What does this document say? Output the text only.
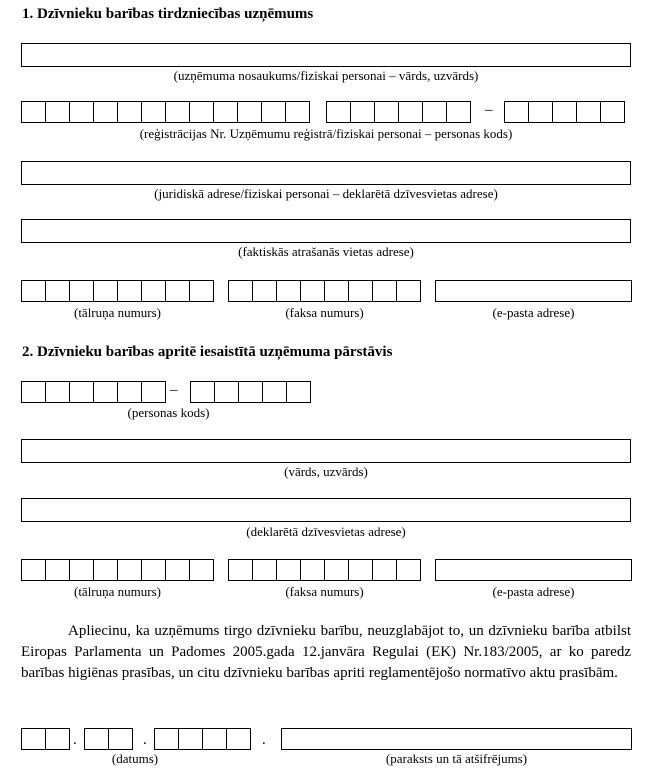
1. Dzīvnieku barības tirdzniecības uzņēmums
(uzņēmuma nosaukums/fiziskai personai – vārds, uzvārds)
–
(reģistrācijas Nr. Uzņēmumu reģistrā/fiziskai personai – personas kods)
(juridiskā adrese/fiziskai personai – deklarētā dzīvesvietas adrese)
(faktiskās atrašanās vietas adrese)
(tālruņa numurs)	(faksa numurs)	(e-pasta adrese)
2. Dzīvnieku barības apritē iesaistītā uzņēmuma pārstāvis
–
(personas kods)
(vārds, uzvārds)
(deklarētā dzīvesvietas adrese)
(tālruņa numurs)	(faksa numurs)	(e-pasta adrese)
Apliecinu, ka uzņēmums tirgo dzīvnieku barību, neuzglabājot to, un dzīvnieku barība atbilst Eiropas Parlamenta un Padomes 2005.gada 12.janvāra Regulai (EK) Nr.183/2005, ar ko paredz barības higiēnas prasības, un citu dzīvnieku barības apriti reglamentējošo normatīvo aktu prasībām.
.	.	.
(datums)	(paraksts un tā atšifrējums)
